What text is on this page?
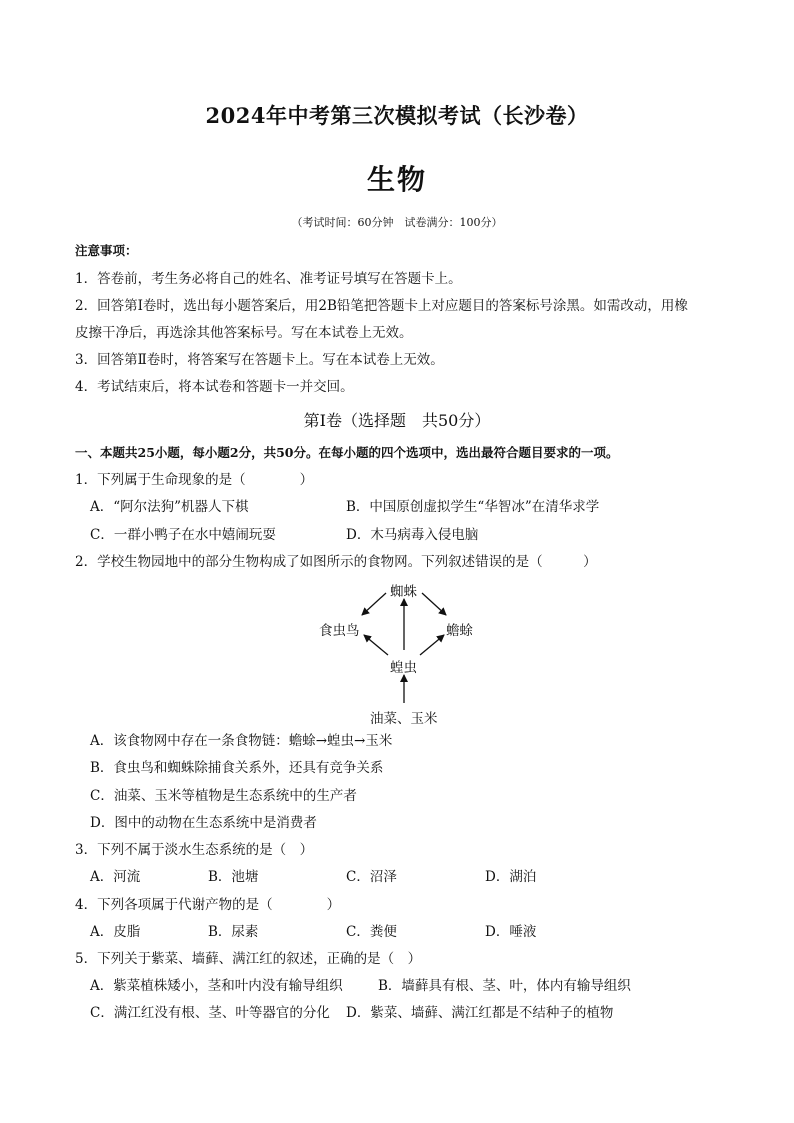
2024年中考第三次模拟考试（长沙卷）
生物
（考试时间：60分钟　试卷满分：100分）
注意事项：
1．答卷前，考生务必将自己的姓名、准考证号填写在答题卡上。
2．回答第Ⅰ卷时，选出每小题答案后，用2B铅笔把答题卡上对应题目的答案标号涂黑。如需改动，用橡
皮擦干净后，再选涂其他答案标号。写在本试卷上无效。
3．回答第Ⅱ卷时，将答案写在答题卡上。写在本试卷上无效。
4．考试结束后，将本试卷和答题卡一并交回。
第Ⅰ卷（选择题　共50分）
一、本题共25小题，每小题2分，共50分。在每小题的四个选项中，选出最符合题目要求的一项。
1．下列属于生命现象的是（　　　　）
A．“阿尔法狗”机器人下棋	B．中国原创虚拟学生“华智冰”在清华求学
C．一群小鸭子在水中嬉闹玩耍	D．木马病毒入侵电脑
2．学校生物园地中的部分生物构成了如图所示的食物网。下列叙述错误的是（　　　）
蜘蛛
食虫鸟	蟾蜍
蝗虫
油菜、玉米
A．该食物网中存在一条食物链：蟾蜍→蝗虫→玉米
B．食虫鸟和蜘蛛除捕食关系外，还具有竞争关系
C．油菜、玉米等植物是生态系统中的生产者
D．图中的动物在生态系统中是消费者
3．下列不属于淡水生态系统的是（　）
A．河流	B．池塘	C．沼泽	D．湖泊
4．下列各项属于代谢产物的是（　　　　）
A．皮脂	B．尿素	C．粪便	D．唾液
5．下列关于紫菜、墙藓、满江红的叙述，正确的是（　）
A．紫菜植株矮小，茎和叶内没有输导组织	B．墙藓具有根、茎、叶，体内有输导组织
C．满江红没有根、茎、叶等器官的分化 D．紫菜、墙藓、满江红都是不结种子的植物
